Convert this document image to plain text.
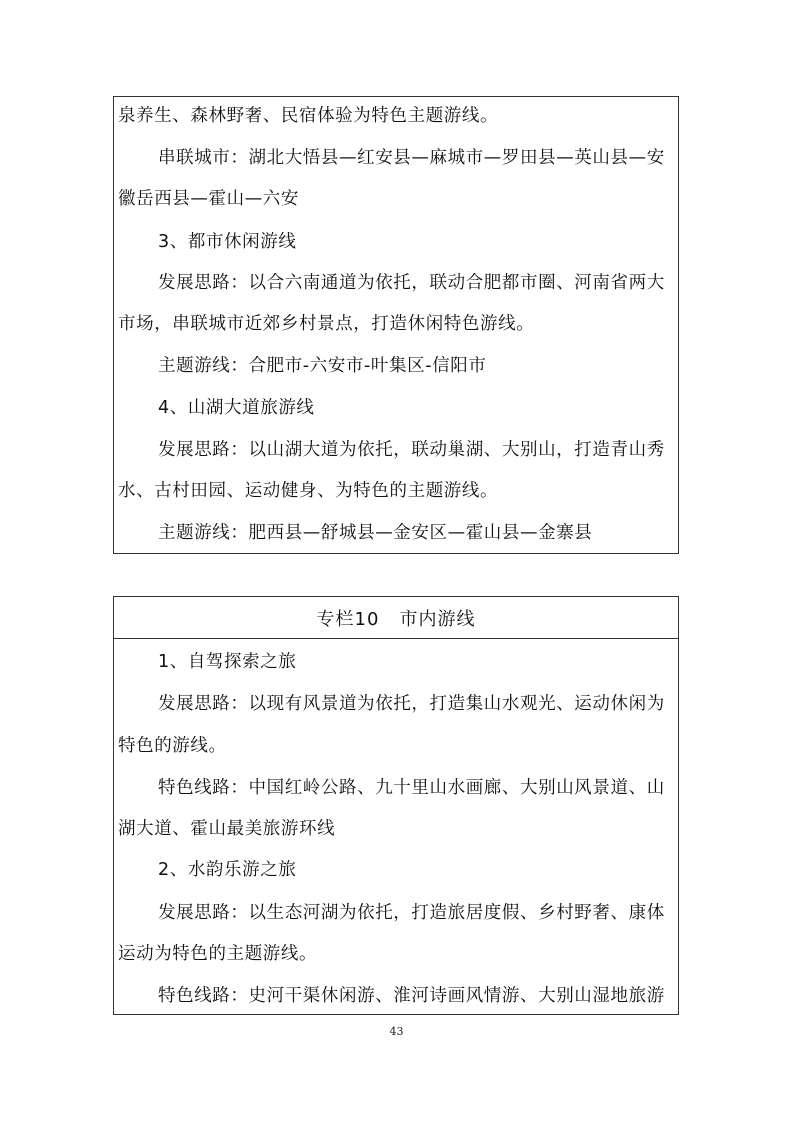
泉养生、森林野奢、民宿体验为特色主题游线。
串联城市：湖北大悟县—红安县—麻城市—罗田县—英山县—安
徽岳西县—霍山—六安
3、都市休闲游线
发展思路：以合六南通道为依托，联动合肥都市圈、河南省两大
市场，串联城市近郊乡村景点，打造休闲特色游线。
主题游线：合肥市-六安市-叶集区-信阳市
4、山湖大道旅游线
发展思路：以山湖大道为依托，联动巢湖、大别山，打造青山秀
水、古村田园、运动健身、为特色的主题游线。
主题游线：肥西县—舒城县—金安区—霍山县—金寨县
专栏10 市内游线
1、自驾探索之旅
发展思路：以现有风景道为依托，打造集山水观光、运动休闲为
特色的游线。
特色线路：中国红岭公路、九十里山水画廊、大别山风景道、山
湖大道、霍山最美旅游环线
2、水韵乐游之旅
发展思路：以生态河湖为依托，打造旅居度假、乡村野奢、康体
运动为特色的主题游线。
特色线路：史河干渠休闲游、淮河诗画风情游、大别山湿地旅游
43
